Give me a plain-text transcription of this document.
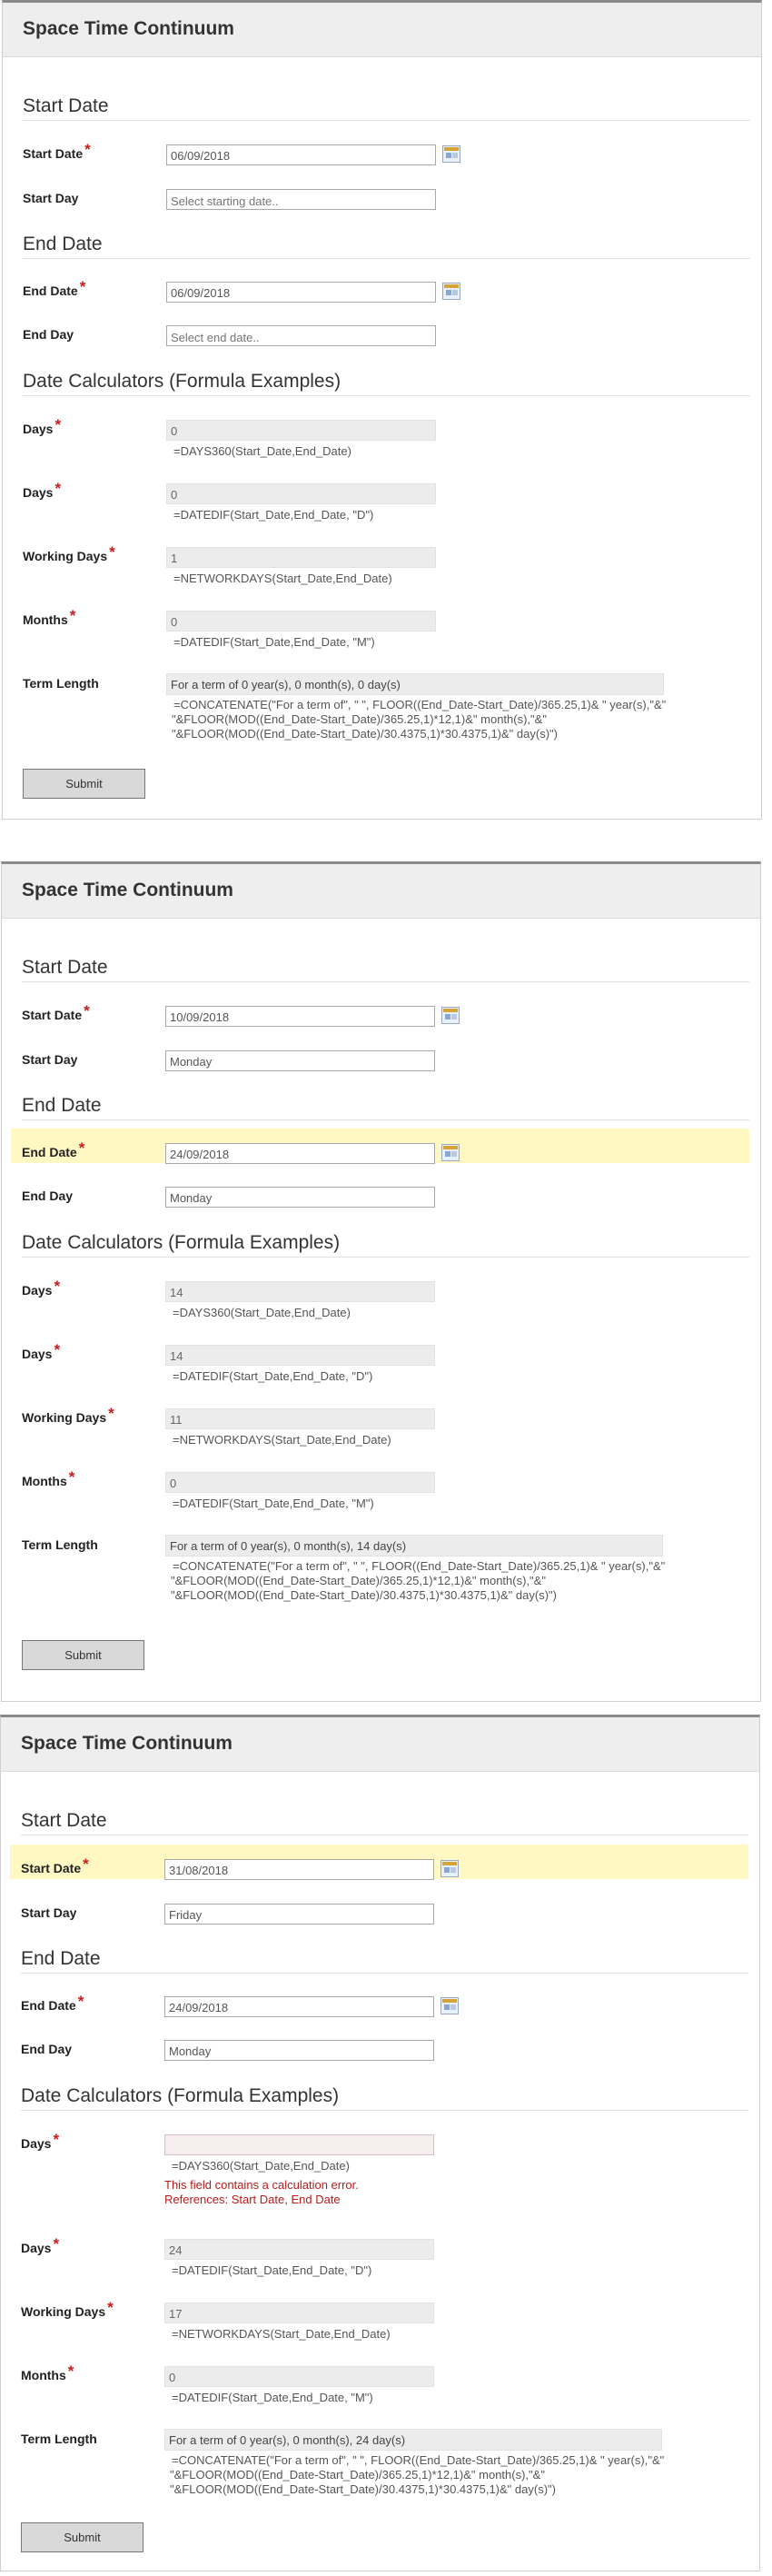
Space Time Continuum
Start Date
Start Date *	06/09/2018
Start Day
Select starting date..
End Date
End Date *	06/09/2018
End Day
Select end date..
Date Calculators (Formula Examples)
Days *	0
=DAYS360(Start_Date,End_Date)
Days *	0
=DATEDIF(Start_Date,End_Date, "D")
Working Days *	1
=NETWORKDAYS(Start_Date,End_Date)
Months *	0
=DATEDIF(Start_Date,End_Date, "M")
Term Length	For a term of 0 year(s), 0 month(s), 0 day(s)
=CONCATENATE("For a term of", " ", FLOOR((End_Date-Start_Date)/365.25,1)& " year(s),"&"
"&FLOOR(MOD((End_Date-Start_Date)/365.25,1)*12,1)&" month(s),"&"
"&FLOOR(MOD((End_Date-Start_Date)/30.4375,1)*30.4375,1)&" day(s)")
Submit
Space Time Continuum
Start Date
Start Date *	10/09/2018
Start Day	Monday
End Date
End Date *	24/09/2018
End Day	Monday
Date Calculators (Formula Examples)
Days *	14
=DAYS360(Start_Date,End_Date)
Days *	14
=DATEDIF(Start_Date,End_Date, "D")
Working Days *	11
=NETWORKDAYS(Start_Date,End_Date)
Months *	0
=DATEDIF(Start_Date,End_Date, "M")
Term Length	For a term of 0 year(s), 0 month(s), 14 day(s)
=CONCATENATE("For a term of", " ", FLOOR((End_Date-Start_Date)/365.25,1)& " year(s),"&"
"&FLOOR(MOD((End_Date-Start_Date)/365.25,1)*12,1)&" month(s),"&"
"&FLOOR(MOD((End_Date-Start_Date)/30.4375,1)*30.4375,1)&" day(s)")
Submit
Space Time Continuum
Start Date
Start Date *	31/08/2018
Start Day	Friday
End Date
End Date *	24/09/2018
End Day	Monday
Date Calculators (Formula Examples)
Days *
=DAYS360(Start_Date,End_Date)
This field contains a calculation error.
References: Start Date, End Date
Days *	24
=DATEDIF(Start_Date,End_Date, "D")
Working Days *	17
=NETWORKDAYS(Start_Date,End_Date)
Months *	0
=DATEDIF(Start_Date,End_Date, "M")
Term Length	For a term of 0 year(s), 0 month(s), 24 day(s)
=CONCATENATE("For a term of", " ", FLOOR((End_Date-Start_Date)/365.25,1)& " year(s),"&"
"&FLOOR(MOD((End_Date-Start_Date)/365.25,1)*12,1)&" month(s),"&"
"&FLOOR(MOD((End_Date-Start_Date)/30.4375,1)*30.4375,1)&" day(s)")
Submit
